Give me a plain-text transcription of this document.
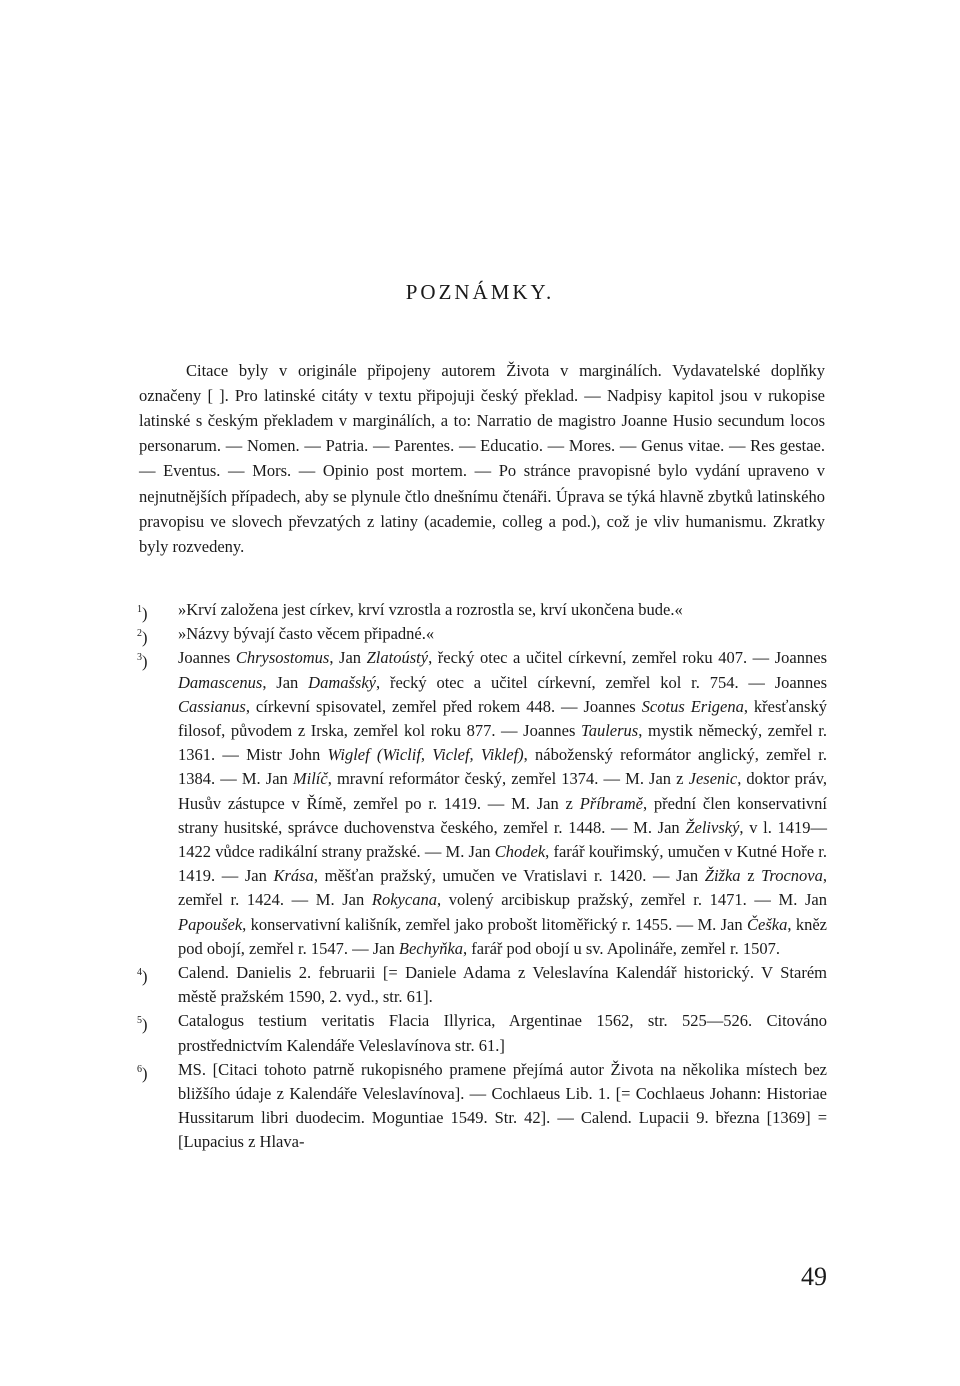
POZNÁMKY.

Citace byly v originále připojeny autorem Života v marginálích. Vydavatelské doplňky označeny [ ]. Pro latinské citáty v textu připojuji český překlad. — Nadpisy kapitol jsou v rukopise latinské s českým překladem v marginálích, a to: Narratio de magistro Joanne Husio secundum locos personarum. — Nomen. — Patria. — Parentes. — Educatio. — Mores. — Genus vitae. — Res gestae. — Eventus. — Mors. — Opinio post mortem. — Po stránce pravopisné bylo vydání upraveno v nejnutnějších případech, aby se plynule čtlo dnešnímu čtenáři. Úprava se týká hlavně zbytků latinského pravopisu ve slovech převzatých z latiny (academie, colleg a pod.), což je vliv humanismu. Zkratky byly rozvedeny.

$^1$) »Krví založena jest církev, krví vzrostla a rozrostla se, krví ukončena bude.«
$^2$) »Názvy bývají často věcem připadné.«
$^3$) Joannes Chrysostomus, Jan Zlatoústý, řecký otec a učitel církevní, zemřel roku 407. — Joannes Damascenus, Jan Damašský, řecký otec a učitel církevní, zemřel kol r. 754. — Joannes Cassianus, církevní spisovatel, zemřel před rokem 448. — Joannes Scotus Erigena, křesťanský filosof, původem z Irska, zemřel kol roku 877. — Joannes Taulerus, mystik německý, zemřel r. 1361. — Mistr John Wiglef (Wiclif, Viclef, Viklef), náboženský reformátor anglický, zemřel r. 1384. — M. Jan Milíč, mravní reformátor český, zemřel 1374. — M. Jan z Jesenic, doktor práv, Husův zástupce v Římě, zemřel po r. 1419. — M. Jan z Příbramě, přední člen konservativní strany husitské, správce duchovenstva českého, zemřel r. 1448. — M. Jan Želivský, v l. 1419—1422 vůdce radikální strany pražské. — M. Jan Chodek, farář kouřimský, umučen v Kutné Hoře r. 1419. — Jan Krása, měšťan pražský, umučen ve Vratislavi r. 1420. — Jan Žižka z Trocnova, zemřel r. 1424. — M. Jan Rokycana, volený arcibiskup pražský, zemřel r. 1471. — M. Jan Papoušek, konservativní kališník, zemřel jako probošt litoměřický r. 1455. — M. Jan Češka, kněz pod obojí, zemřel r. 1547. — Jan Bechyňka, farář pod obojí u sv. Apolináře, zemřel r. 1507.
$^4$) Calend. Danielis 2. februarii [= Daniele Adama z Veleslavína Kalendář historický. V Starém městě pražském 1590, 2. vyd., str. 61].
$^5$) Catalogus testium veritatis Flacia Illyrica, Argentinae 1562, str. 525—526. Citováno prostřednictvím Kalendáře Veleslavínova str. 61.]
$^6$) MS. [Citaci tohoto patrně rukopisného pramene přejímá autor Života na několika místech bez bližšího údaje z Kalendáře Veleslavínova]. — Cochlaeus Lib. 1. [= Cochlaeus Johann: Historiae Hussitarum libri duodecim. Moguntiae 1549. Str. 42]. — Calend. Lupacii 9. března [1369] = [Lupacius z Hlava-
49
